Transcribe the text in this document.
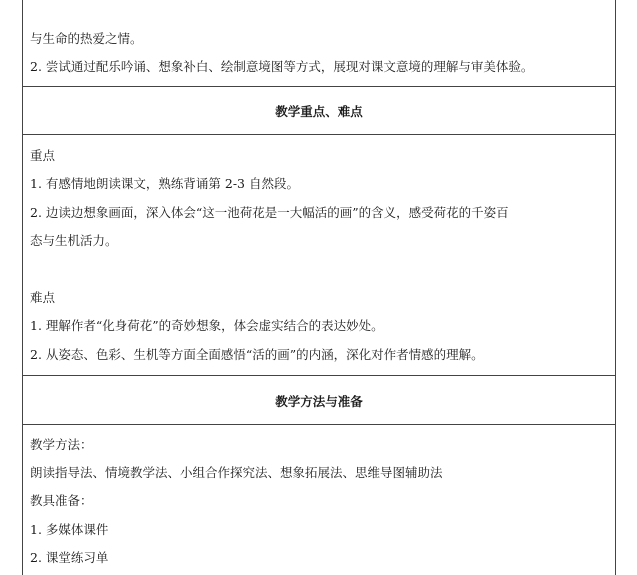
与生命的热爱之情。
2. 尝试通过配乐吟诵、想象补白、绘制意境图等方式，展现对课文意境的理解与审美体验。
教学重点、难点
重点
1. 有感情地朗读课文，熟练背诵第 2-3 自然段。
2. 边读边想象画面，深入体会“这一池荷花是一大幅活的画”的含义，感受荷花的千姿百
态与生机活力。
难点
1. 理解作者“化身荷花”的奇妙想象，体会虚实结合的表达妙处。
2. 从姿态、色彩、生机等方面全面感悟“活的画”的内涵，深化对作者情感的理解。
教学方法与准备
教学方法：
朗读指导法、情境教学法、小组合作探究法、想象拓展法、思维导图辅助法
教具准备：
1. 多媒体课件
2. 课堂练习单
